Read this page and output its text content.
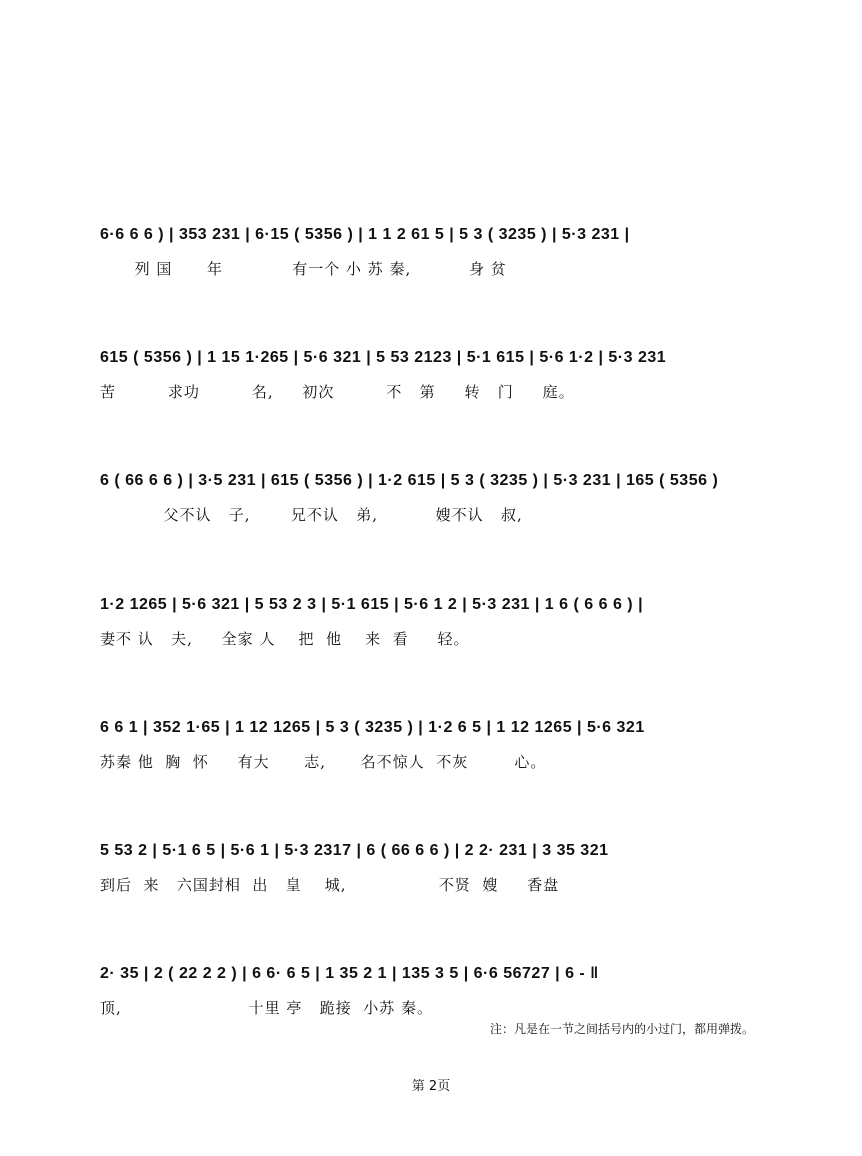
6·6 6 6 ) | 353 231 | 6·15 ( 5356 ) | 1 1 2 61 5 | 5 3 ( 3235 ) | 5·3 231 |
列 国      年            有一个 小 苏 秦,          身 贫
615 ( 5356 ) | 1 15 1·265 | 5·6 321 | 5 53 2123 | 5·1 615 | 5·6 1·2 | 5·3 231
苦         求功         名,     初次         不   第     转   门     庭。
6 ( 66 6 6 ) | 3·5 231 | 615 ( 5356 ) | 1·2 615 | 5 3 ( 3235 ) | 5·3 231 | 165 ( 5356 )
父不认   子,       兄不认   弟,          嫂不认   叔,
1·2 1265 | 5·6 321 | 5 53 2 3 | 5·1 615 | 5·6 1 2 | 5·3 231 | 1 6 ( 6 6 6 ) |
妻不 认   夫,     全家 人    把  他    来  看     轻。
6 6 1 | 352 1·65 | 1 12 1265 | 5 3 ( 3235 ) | 1·2 6 5 | 1 12 1265 | 5·6 321
苏秦 他  胸  怀     有大      志,      名不惊人  不灰        心。
5 53 2 | 5·1 6 5 | 5·6 1 | 5·3 2317 | 6 ( 66 6 6 ) | 2 2· 231 | 3 35 321
到后  来   六国封相  出   皇    城,                不贤  嫂     香盘
2· 35 | 2 ( 22 2 2 ) | 6 6· 6 5 | 1 35 2 1 | 135 3 5 | 6·6 56727 | 6 - ‖
顶,                      十里 亭   跪接  小苏 秦。
注：凡是在一节之间括号内的小过门，都用弹拨。
第 2页
